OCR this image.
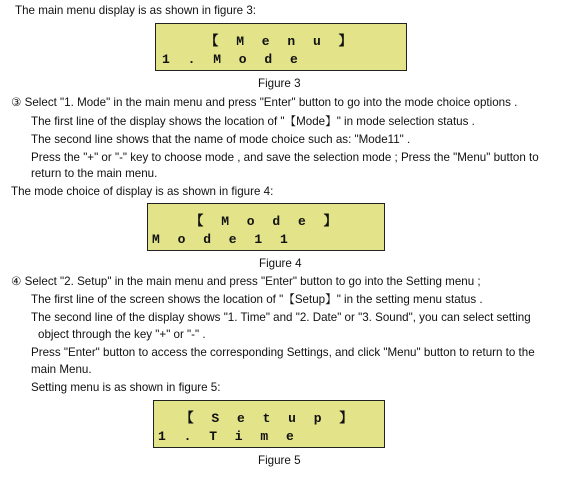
The main menu display is as shown in figure 3:
【 M e n u 】
1 . M o d e
Figure 3
③ Select "1. Mode" in the main menu and press "Enter" button to go into the mode choice options .
The first line of the display shows the location of "【Mode】" in mode selection status .
The second line shows that the name of mode choice such as: "Mode11" .
Press the "+" or "-" key to choose mode , and save the selection mode ; Press the "Menu" button to
return to the main menu.
The mode choice of display is as shown in figure 4:
【 M o d e 】
M o d e 1 1
Figure 4
④ Select "2. Setup" in the main menu and press "Enter" button to go into the Setting menu ;
The first line of the screen shows the location of "【Setup】" in the setting menu status .
The second line of the display shows "1. Time" and "2. Date" or "3. Sound", you can select setting
object through the key "+" or "-" .
Press "Enter" button to access the corresponding Settings, and click "Menu" button to return to the
main Menu.
Setting menu is as shown in figure 5:
【 S e t u p 】
1 . T i m e
Figure 5
